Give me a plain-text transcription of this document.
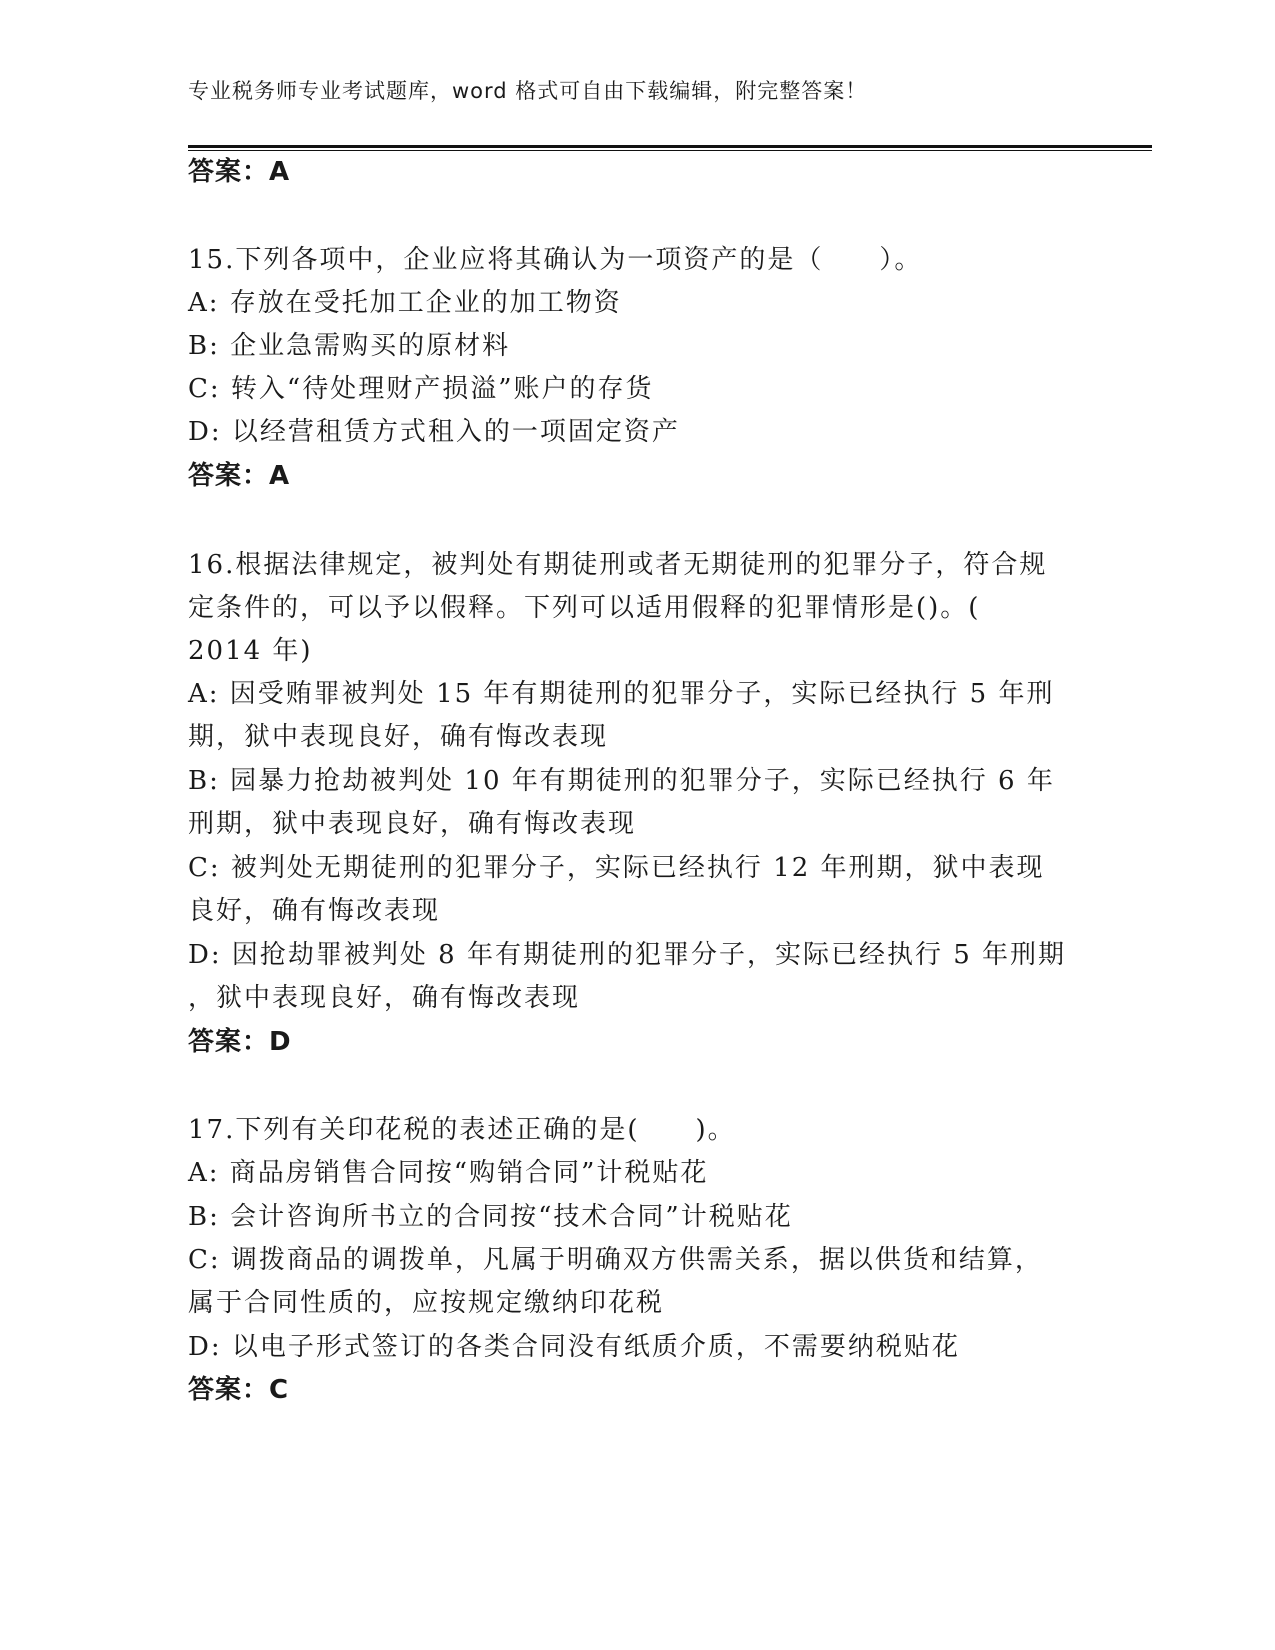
专业税务师专业考试题库，word 格式可自由下载编辑，附完整答案！
答案：A
15.下列各项中，企业应将其确认为一项资产的是（　　）。
A: 存放在受托加工企业的加工物资
B: 企业急需购买的原材料
C: 转入“待处理财产损溢”账户的存货
D: 以经营租赁方式租入的一项固定资产
答案：A
16.根据法律规定，被判处有期徒刑或者无期徒刑的犯罪分子，符合规
定条件的，可以予以假释。下列可以适用假释的犯罪情形是()。(
2014 年)
A: 因受贿罪被判处 15 年有期徒刑的犯罪分子，实际已经执行 5 年刑
期，狱中表现良好，确有悔改表现
B: 园暴力抢劫被判处 10 年有期徒刑的犯罪分子，实际已经执行 6 年
刑期，狱中表现良好，确有悔改表现
C: 被判处无期徒刑的犯罪分子，实际已经执行 12 年刑期，狱中表现
良好，确有悔改表现
D: 因抢劫罪被判处 8 年有期徒刑的犯罪分子，实际已经执行 5 年刑期
，狱中表现良好，确有悔改表现
答案：D
17.下列有关印花税的表述正确的是(　　)。
A: 商品房销售合同按“购销合同”计税贴花
B: 会计咨询所书立的合同按“技术合同”计税贴花
C: 调拨商品的调拨单，凡属于明确双方供需关系，据以供货和结算，
属于合同性质的，应按规定缴纳印花税
D: 以电子形式签订的各类合同没有纸质介质，不需要纳税贴花
答案：C
